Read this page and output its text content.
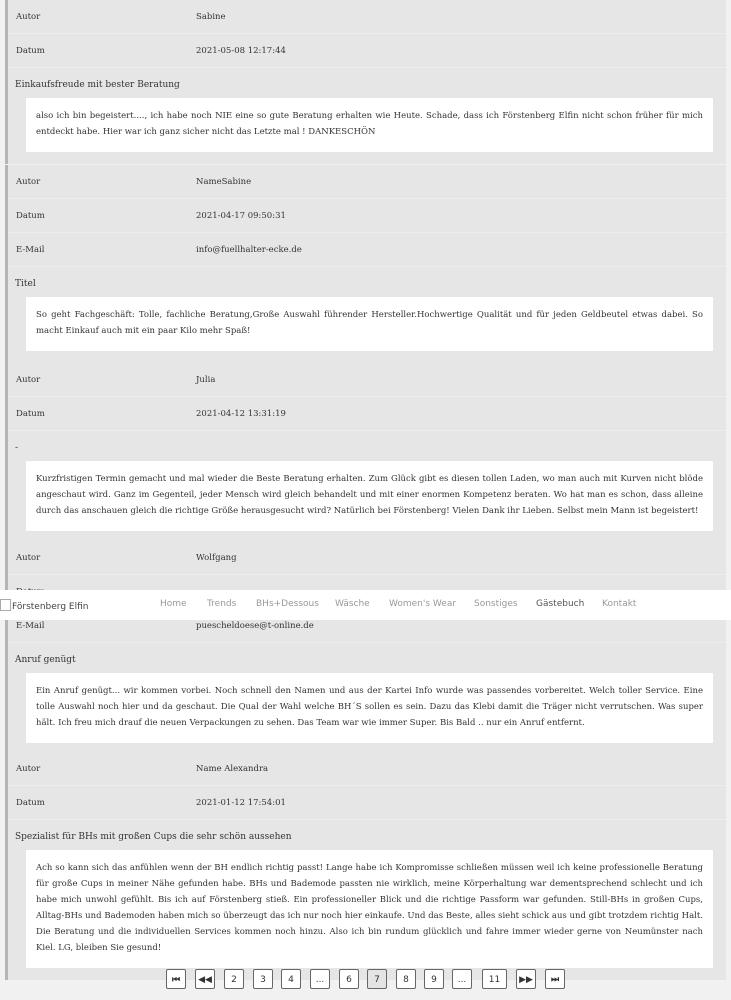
Autor	Sabine
Datum	2021-05-08 12:17:44
Einkaufsfreude mit bester Beratung
also ich bin begeistert...., ich habe noch NIE eine so gute Beratung erhalten wie Heute. Schade, dass ich Förstenberg Elfin nicht schon früher für mich entdeckt habe. Hier war ich ganz sicher nicht das Letzte mal ! DANKESCHÖN
Autor	NameSabine
Datum	2021-04-17 09:50:31
E-Mail	info@fuellhalter-ecke.de
Titel
So geht Fachgeschäft: Tolle, fachliche Beratung,Große Auswahl führender Hersteller.Hochwertige Qualität und für jeden Geldbeutel etwas dabei. So macht Einkauf auch mit ein paar Kilo mehr Spaß!
Autor	Julia
Datum	2021-04-12 13:31:19
-
Kurzfristigen Termin gemacht und mal wieder die Beste Beratung erhalten. Zum Glück gibt es diesen tollen Laden, wo man auch mit Kurven nicht blöde angeschaut wird. Ganz im Gegenteil, jeder Mensch wird gleich behandelt und mit einer enormen Kompetenz beraten. Wo hat man es schon, dass alleine durch das anschauen gleich die richtige Größe herausgesucht wird? Natürlich bei Förstenberg! Vielen Dank ihr Lieben. Selbst mein Mann ist begeistert!
Autor	Wolfgang
E-Mail	puescheldoese@t-online.de
Anruf genügt
Ein Anruf genügt... wir kommen vorbei. Noch schnell den Namen und aus der Kartei Info wurde was passendes vorbereitet. Welch toller Service. Eine tolle Auswahl noch hier und da geschaut. Die Qual der Wahl welche BH´S sollen es sein. Dazu das Klebi damit die Träger nicht verrutschen. Was super hält. Ich freu mich drauf die neuen Verpackungen zu sehen. Das Team war wie immer Super. Bis Bald .. nur ein Anruf entfernt.
Autor	Name Alexandra
Datum	2021-01-12 17:54:01
Spezialist für BHs mit großen Cups die sehr schön aussehen
Ach so kann sich das anfühlen wenn der BH endlich richtig passt! Lange habe ich Kompromisse schließen müssen weil ich keine professionelle Beratung für große Cups in meiner Nähe gefunden habe. BHs und Bademode passten nie wirklich, meine Körperhaltung war dementsprechend schlecht und ich habe mich unwohl gefühlt. Bis ich auf Förstenberg stieß. Ein professioneller Blick und die richtige Passform war gefunden. Still-BHs in großen Cups, Alltag-BHs und Bademoden haben mich so überzeugt das ich nur noch hier einkaufe. Und das Beste, alles sieht schick aus und gibt trotzdem richtig Halt. Die Beratung und die individuellen Services kommen noch hinzu. Also ich bin rundum glücklich und fahre immer wieder gerne von Neumünster nach Kiel. LG, bleiben Sie gesund!
Förstenberg Elfin	Home Trends BHs+Dessous Wäsche Women's Wear Sonstiges Gästebuch Kontakt
⏮	◀◀	2	3	4	...	6	7	8	9	...	11	▶▶	⏭
